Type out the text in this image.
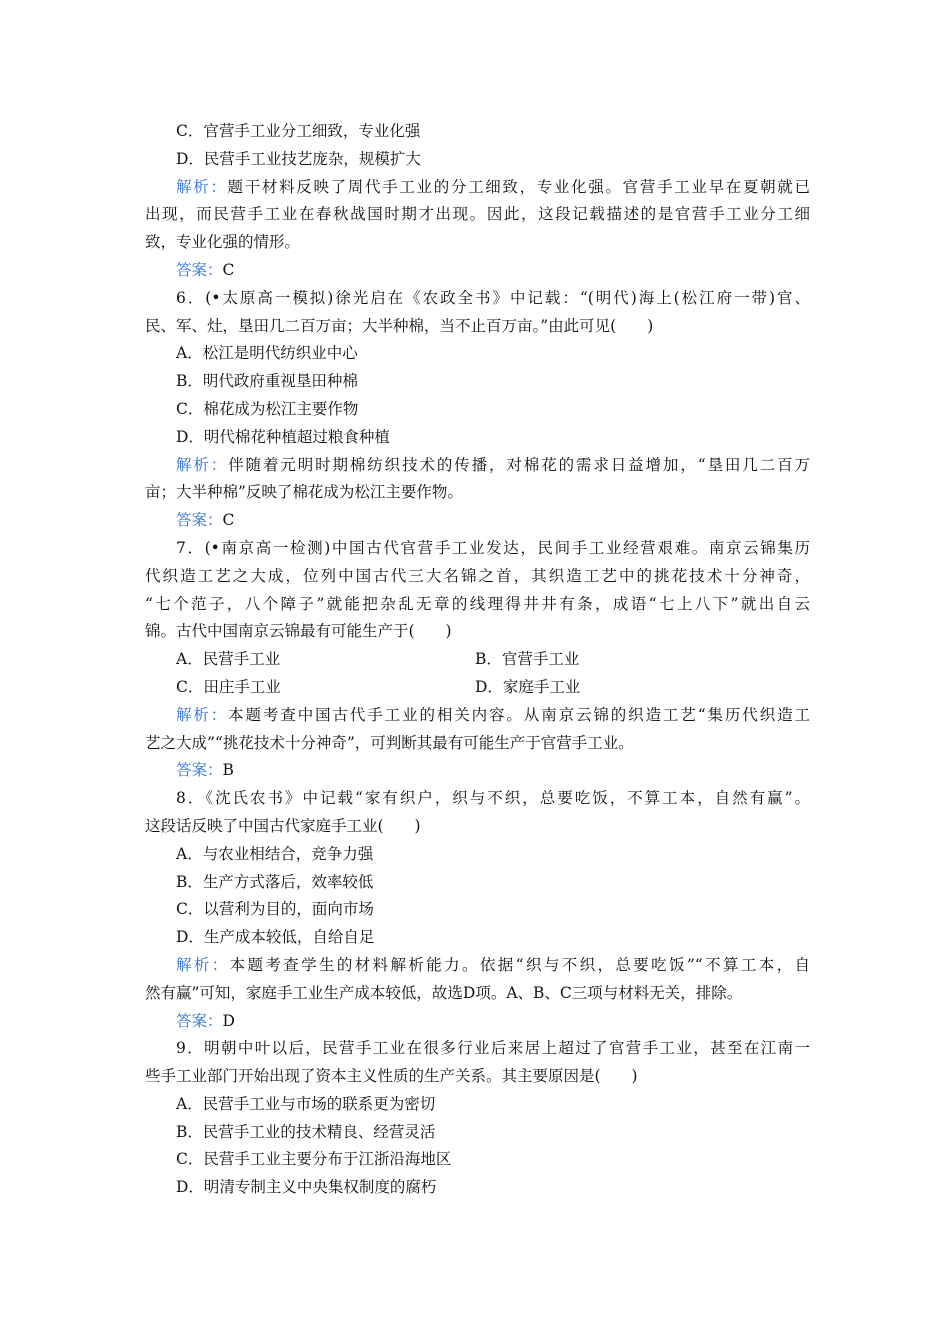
C．官营手工业分工细致，专业化强
D．民营手工业技艺庞杂，规模扩大
解析：题干材料反映了周代手工业的分工细致，专业化强。官营手工业早在夏朝就已
出现，而民营手工业在春秋战国时期才出现。因此，这段记载描述的是官营手工业分工细
致，专业化强的情形。
答案：C
6．(•太原高一模拟)徐光启在《农政全书》中记载：“(明代)海上(松江府一带)官、
民、军、灶，垦田几二百万亩；大半种棉，当不止百万亩。”由此可见(　　)
A．松江是明代纺织业中心
B．明代政府重视垦田种棉
C．棉花成为松江主要作物
D．明代棉花种植超过粮食种植
解析：伴随着元明时期棉纺织技术的传播，对棉花的需求日益增加，“垦田几二百万
亩；大半种棉”反映了棉花成为松江主要作物。
答案：C
7．(•南京高一检测)中国古代官营手工业发达，民间手工业经营艰难。南京云锦集历
代织造工艺之大成，位列中国古代三大名锦之首，其织造工艺中的挑花技术十分神奇，
“七个范子，八个障子”就能把杂乱无章的线理得井井有条，成语“七上八下”就出自云
锦。古代中国南京云锦最有可能生产于(　　)
A．民营手工业	B．官营手工业
C．田庄手工业	D．家庭手工业
解析：本题考查中国古代手工业的相关内容。从南京云锦的织造工艺“集历代织造工
艺之大成”“挑花技术十分神奇”，可判断其最有可能生产于官营手工业。
答案：B
8．《沈氏农书》中记载“家有织户，织与不织，总要吃饭，不算工本，自然有赢”。
这段话反映了中国古代家庭手工业(　　)
A．与农业相结合，竞争力强
B．生产方式落后，效率较低
C．以营利为目的，面向市场
D．生产成本较低，自给自足
解析：本题考查学生的材料解析能力。依据“织与不织，总要吃饭”“不算工本，自
然有赢”可知，家庭手工业生产成本较低，故选D项。A、B、C三项与材料无关，排除。
答案：D
9．明朝中叶以后，民营手工业在很多行业后来居上超过了官营手工业，甚至在江南一
些手工业部门开始出现了资本主义性质的生产关系。其主要原因是(　　)
A．民营手工业与市场的联系更为密切
B．民营手工业的技术精良、经营灵活
C．民营手工业主要分布于江浙沿海地区
D．明清专制主义中央集权制度的腐朽
